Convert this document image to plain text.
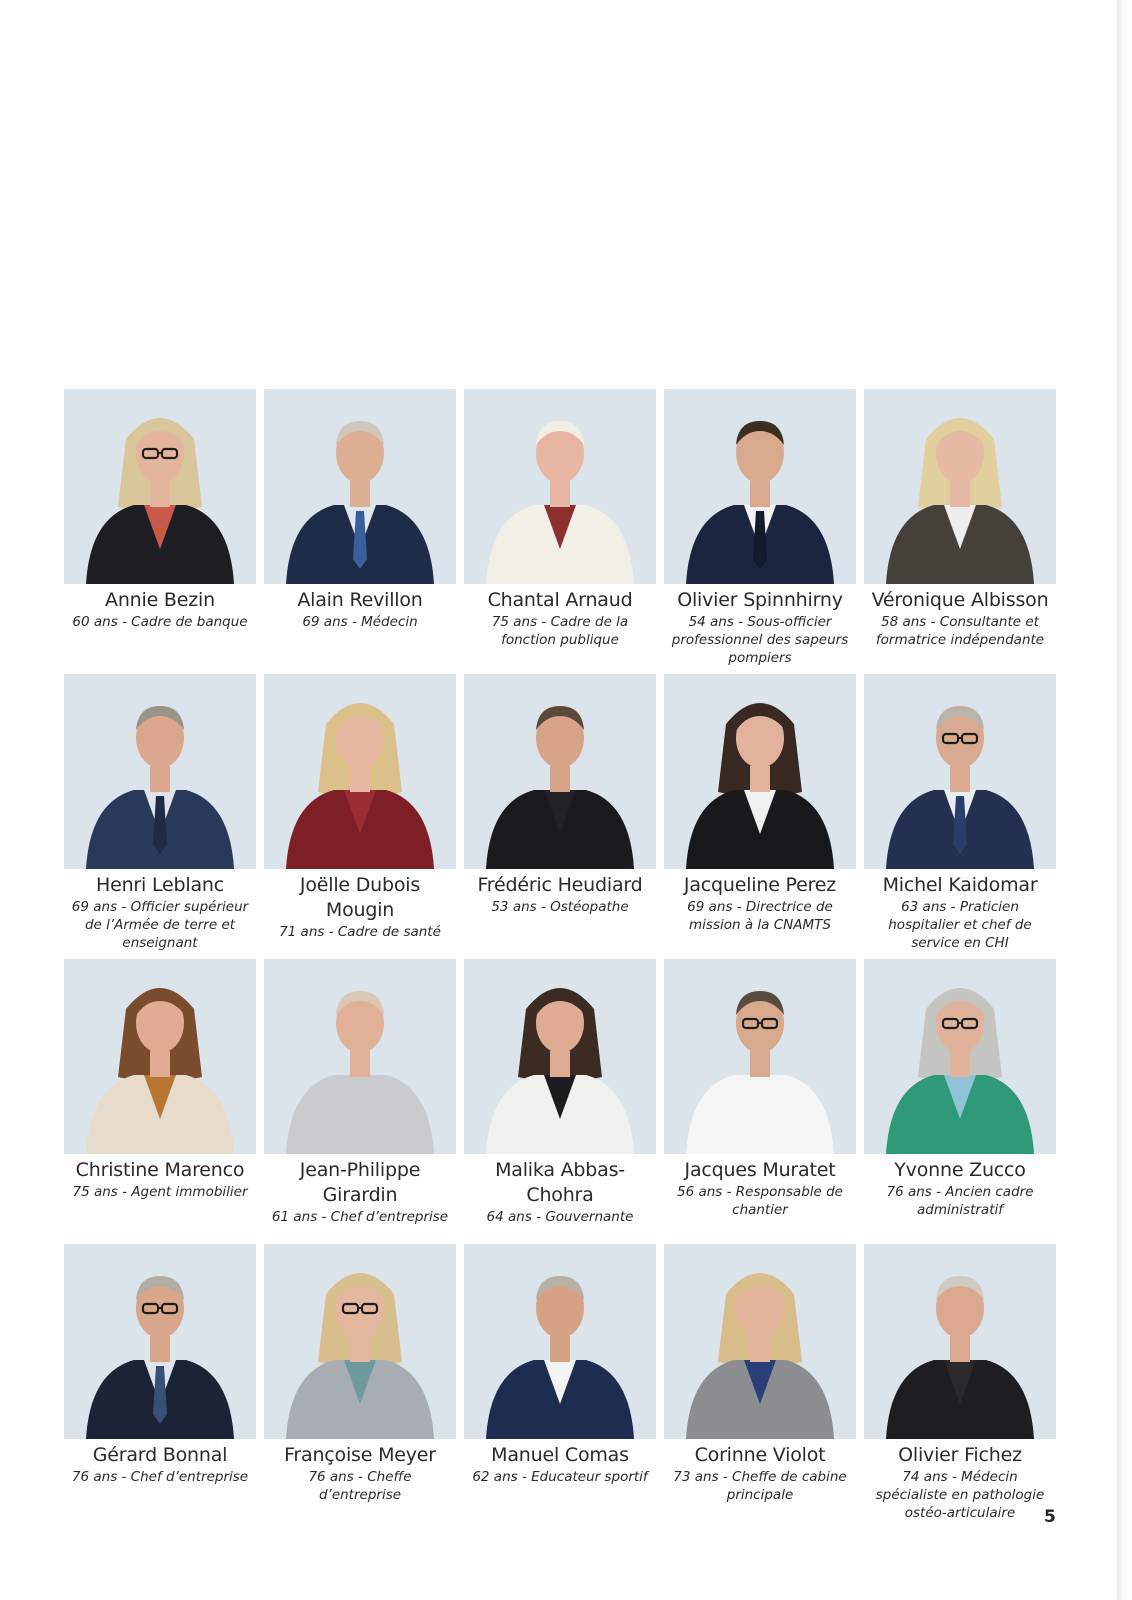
Annie Bezin
60 ans - Cadre de banque
Alain Revillon
69 ans - Médecin
Chantal Arnaud
75 ans - Cadre de la fonction publique
Olivier Spinnhirny
54 ans - Sous-officier professionnel des sapeurs pompiers
Véronique Albisson
58 ans - Consultante et formatrice indépendante
Henri Leblanc
69 ans - Officier supérieur de l’Armée de terre et enseignant
Joëlle Dubois Mougin
71 ans - Cadre de santé
Frédéric Heudiard
53 ans - Ostéopathe
Jacqueline Perez
69 ans - Directrice de mission à la CNAMTS
Michel Kaidomar
63 ans - Praticien hospitalier et chef de service en CHI
Christine Marenco
75 ans - Agent immobilier
Jean-Philippe Girardin
61 ans - Chef d’entreprise
Malika Abbas-Chohra
64 ans - Gouvernante
Jacques Muratet
56 ans - Responsable de chantier
Yvonne Zucco
76 ans - Ancien cadre administratif
Gérard Bonnal
76 ans - Chef d’entreprise
Françoise Meyer
76 ans - Cheffe d’entreprise
Manuel Comas
62 ans - Educateur sportif
Corinne Violot
73 ans - Cheffe de cabine principale
Olivier Fichez
74 ans - Médecin spécialiste en pathologie ostéo-articulaire	5
